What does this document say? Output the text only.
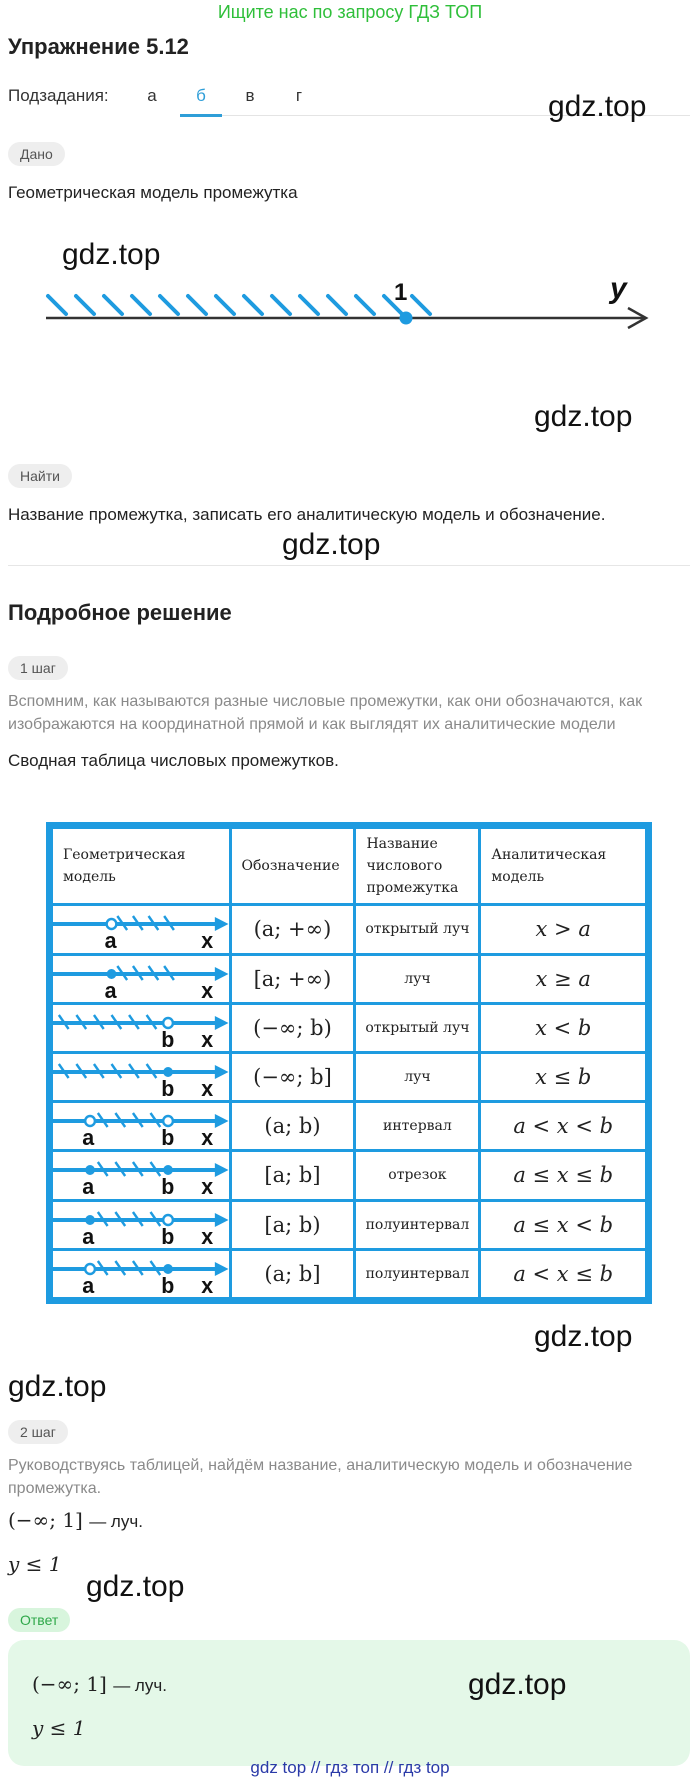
Ищите нас по запросу ГДЗ ТОП
Упражнение 5.12
Подзадания:	а	б	в	г	gdz.top
Дано
Геометрическая модель промежутка
gdz.top
1	y
gdz.top
Найти
Название промежутка, записать его аналитическую модель и обозначение.
gdz.top
Подробное решение
1 шаг
Вспомним, как называются разные числовые промежутки, как они обозначаются, как изображаются на координатной прямой и как выглядят их аналитические модели
Сводная таблица числовых промежутков.
Геометрическая модель	Обозначение	Название числового промежутка	Аналитическая модель

a x	(a; +∞)	открытый луч	x > a

a x	[a; +∞)	луч	x ≥ a

b x	(−∞; b)	открытый луч	x < b

b x	(−∞; b]	луч	x ≤ b

a b x	(a; b)	интервал	a < x < b

a b x	[a; b]	отрезок	a ≤ x ≤ b

a b x	[a; b)	полуинтервал	a ≤ x < b

a b x	(a; b]	полуинтервал	a < x ≤ b
gdz.top
gdz.top
2 шаг
Руководствуясь таблицей, найдём название, аналитическую модель и обозначение промежутка.
(−∞; 1] — луч.
y ≤ 1
gdz.top
Ответ
(−∞; 1] — луч.
y ≤ 1
gdz.top
gdz top // гдз топ // гдз top
